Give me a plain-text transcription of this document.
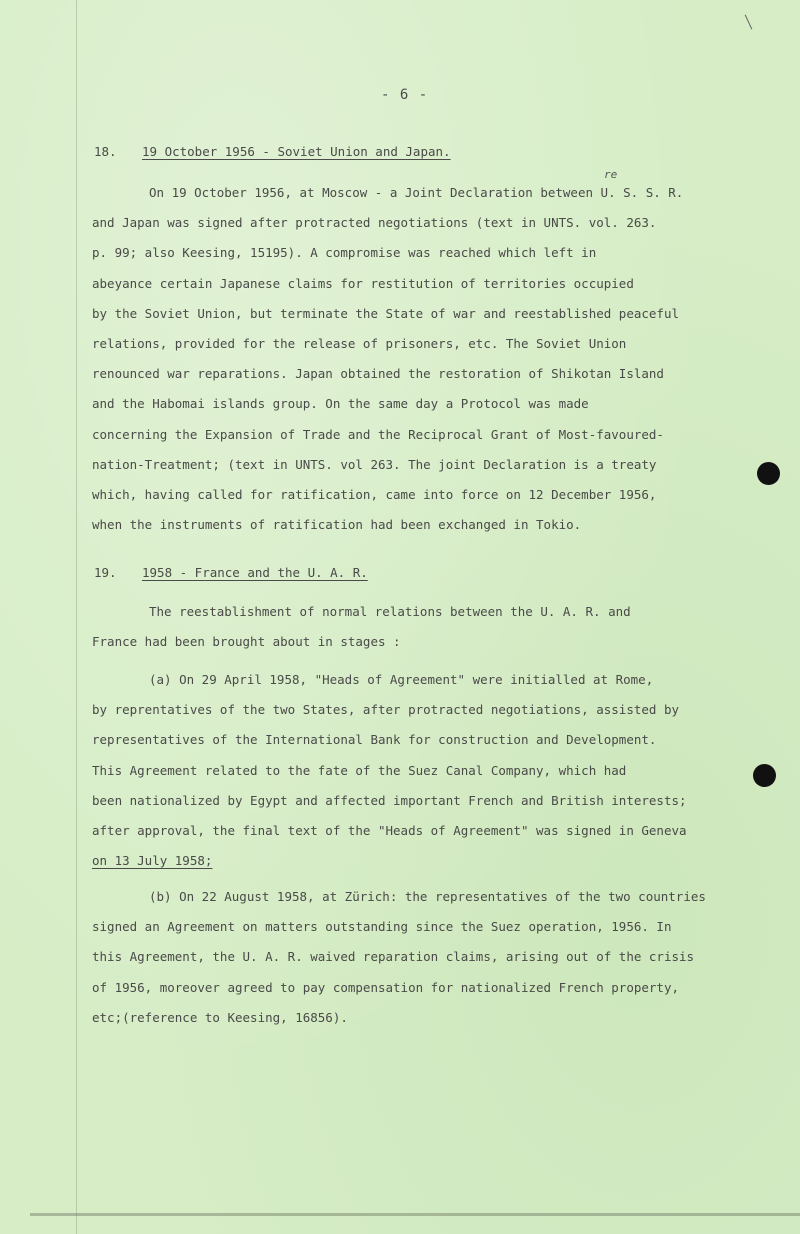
- 6 -
re
18. 19 October 1956 - Soviet Union and Japan.

On 19 October 1956, at Moscow - a Joint Declaration between U. S. S. R.
and Japan was signed after protracted negotiations (text in UNTS. vol. 263.
p. 99; also Keesing, 15195). A compromise was reached which left in
abeyance certain Japanese claims for restitution of territories occupied
by the Soviet Union, but terminate the State of war and reestablished peaceful
relations, provided for the release of prisoners, etc. The Soviet Union
renounced war reparations. Japan obtained the restoration of Shikotan Island
and the Habomai islands group. On the same day a Protocol was made
concerning the Expansion of Trade and the Reciprocal Grant of Most-favoured-
nation-Treatment; (text in UNTS. vol 263. The joint Declaration is a treaty
which, having called for ratification, came into force on 12 December 1956,
when the instruments of ratification had been exchanged in Tokio.

19. 1958 - France and the U. A. R.

The reestablishment of normal relations between the U. A. R. and
France had been brought about in stages :

(a) On 29 April 1958, "Heads of Agreement" were initialled at Rome,
by reprentatives of the two States, after protracted negotiations, assisted by
representatives of the International Bank for construction and Development.
This Agreement related to the fate of the Suez Canal Company, which had
been nationalized by Egypt and affected important French and British interests;
after approval, the final text of the "Heads of Agreement" was signed in Geneva
on 13 July 1958;

(b) On 22 August 1958, at Zürich: the representatives of the two countries
signed an Agreement on matters outstanding since the Suez operation, 1956. In
this Agreement, the U. A. R. waived reparation claims, arising out of the crisis
of 1956, moreover agreed to pay compensation for nationalized French property,
etc;(reference to Keesing, 16856).
